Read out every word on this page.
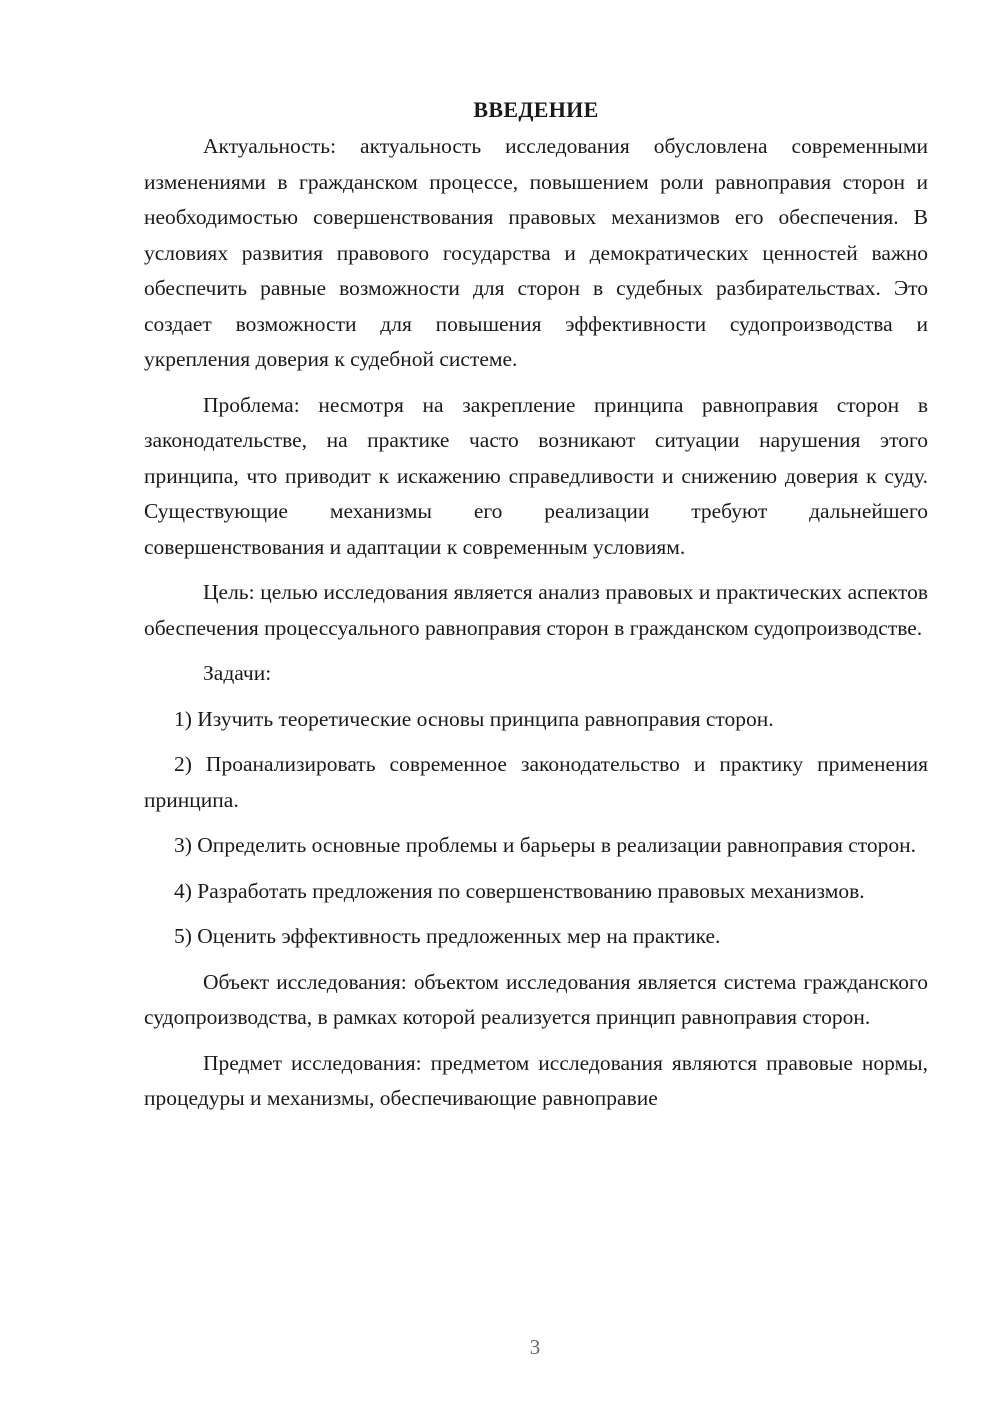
ВВЕДЕНИЕ

Актуальность: актуальность исследования обусловлена современными изменениями в гражданском процессе, повышением роли равноправия сторон и необходимостью совершенствования правовых механизмов его обеспечения. В условиях развития правового государства и демократических ценностей важно обеспечить равные возможности для сторон в судебных разбирательствах. Это создает возможности для повышения эффективности судопроизводства и укрепления доверия к судебной системе.

Проблема: несмотря на закрепление принципа равноправия сторон в законодательстве, на практике часто возникают ситуации нарушения этого принципа, что приводит к искажению справедливости и снижению доверия к суду. Существующие механизмы его реализации требуют дальнейшего совершенствования и адаптации к современным условиям.

Цель: целью исследования является анализ правовых и практических аспектов обеспечения процессуального равноправия сторон в гражданском судопроизводстве.

Задачи:

1) Изучить теоретические основы принципа равноправия сторон.

2) Проанализировать современное законодательство и практику применения принципа.

3) Определить основные проблемы и барьеры в реализации равноправия сторон.

4) Разработать предложения по совершенствованию правовых механизмов.

5) Оценить эффективность предложенных мер на практике.

Объект исследования: объектом исследования является система гражданского судопроизводства, в рамках которой реализуется принцип равноправия сторон.

Предмет исследования: предметом исследования являются правовые нормы, процедуры и механизмы, обеспечивающие равноправие

3
